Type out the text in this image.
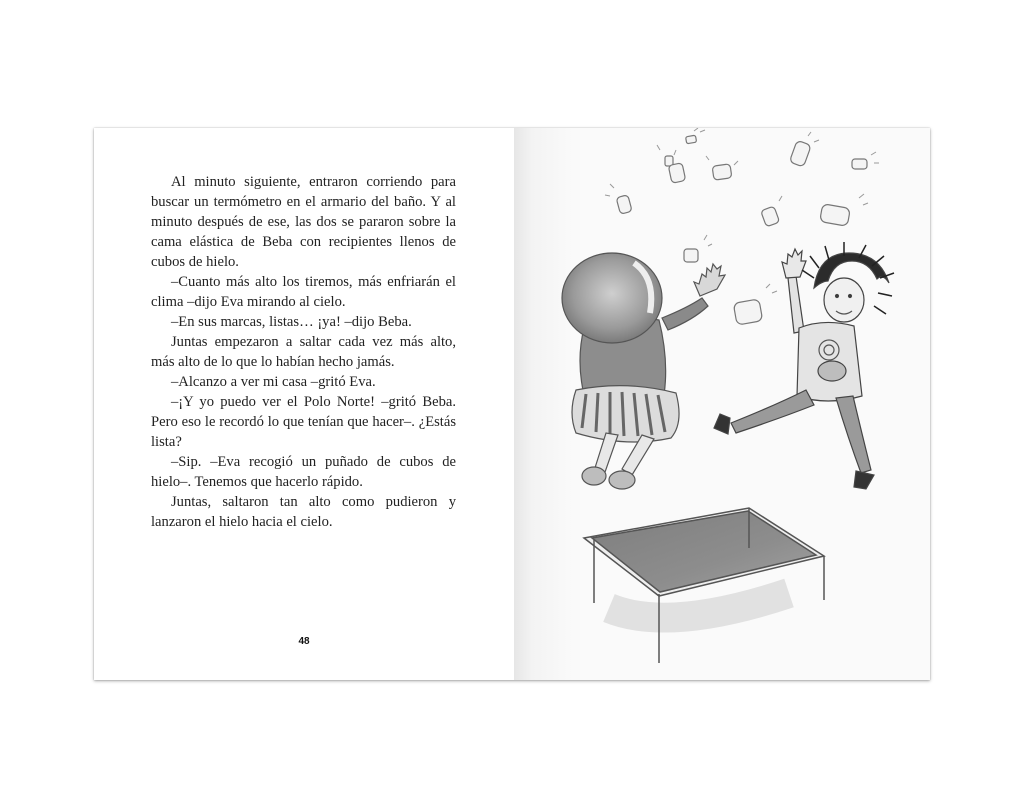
Al minuto siguiente, entraron corriendo para buscar un termómetro en el armario del baño. Y al minuto después de ese, las dos se pararon sobre la cama elástica de Beba con recipientes llenos de cubos de hielo.

–Cuanto más alto los tiremos, más enfriarán el clima –dijo Eva mirando al cielo.

–En sus marcas, listas… ¡ya! –dijo Beba.

Juntas empezaron a saltar cada vez más alto, más alto de lo que lo habían hecho jamás.

–Alcanzo a ver mi casa –gritó Eva.

–¡Y yo puedo ver el Polo Norte! –gritó Beba. Pero eso le recordó lo que tenían que hacer–. ¿Estás lista?

–Sip. –Eva recogió un puñado de cubos de hielo–. Tenemos que hacerlo rápido.

Juntas, saltaron tan alto como pudieron y lanzaron el hielo hacia el cielo.

48
